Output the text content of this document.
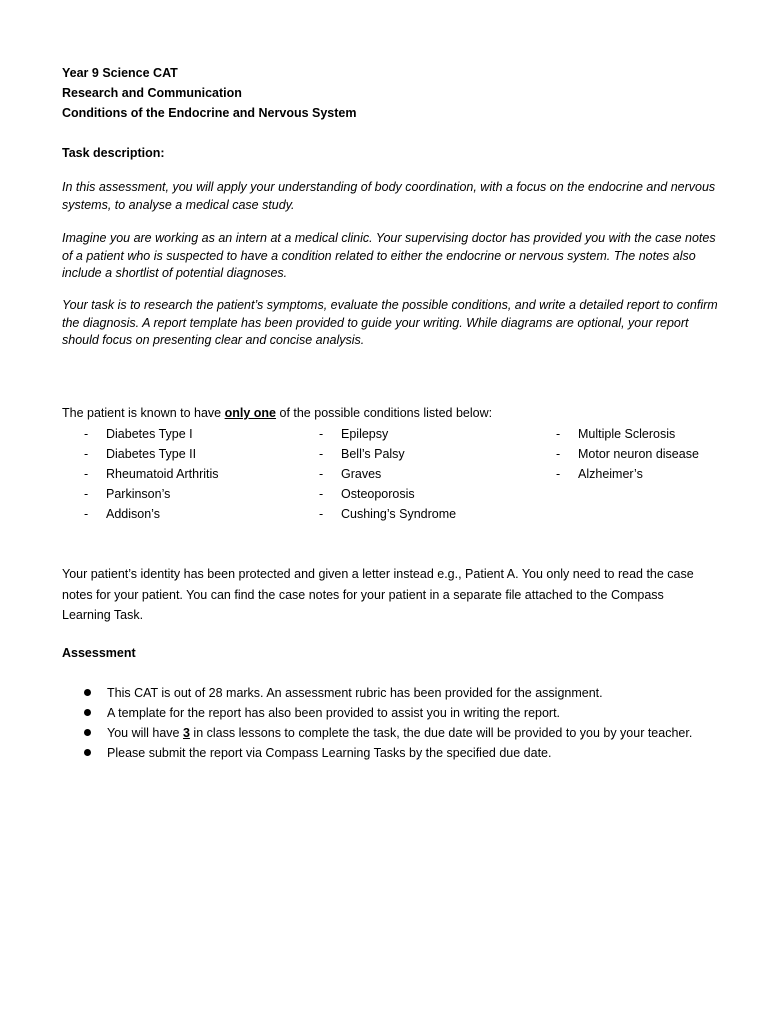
Year 9 Science CAT
Research and Communication
Conditions of the Endocrine and Nervous System
Task description:
In this assessment, you will apply your understanding of body coordination, with a focus on the endocrine and nervous systems, to analyse a medical case study.
Imagine you are working as an intern at a medical clinic. Your supervising doctor has provided you with the case notes of a patient who is suspected to have a condition related to either the endocrine or nervous system. The notes also include a shortlist of potential diagnoses.
Your task is to research the patient’s symptoms, evaluate the possible conditions, and write a detailed report to confirm the diagnosis. A report template has been provided to guide your writing. While diagrams are optional, your report should focus on presenting clear and concise analysis.
The patient is known to have only one of the possible conditions listed below:
- Diabetes Type I
- Diabetes Type II
- Rheumatoid Arthritis
- Parkinson’s
- Addison’s
- Epilepsy
- Bell’s Palsy
- Graves
- Osteoporosis
- Cushing’s Syndrome
- Multiple Sclerosis
- Motor neuron disease
- Alzheimer’s
Your patient’s identity has been protected and given a letter instead e.g., Patient A. You only need to read the case notes for your patient. You can find the case notes for your patient in a separate file attached to the Compass Learning Task.
Assessment
This CAT is out of 28 marks. An assessment rubric has been provided for the assignment.
A template for the report has also been provided to assist you in writing the report.
You will have 3 in class lessons to complete the task, the due date will be provided to you by your teacher.
Please submit the report via Compass Learning Tasks by the specified due date.
